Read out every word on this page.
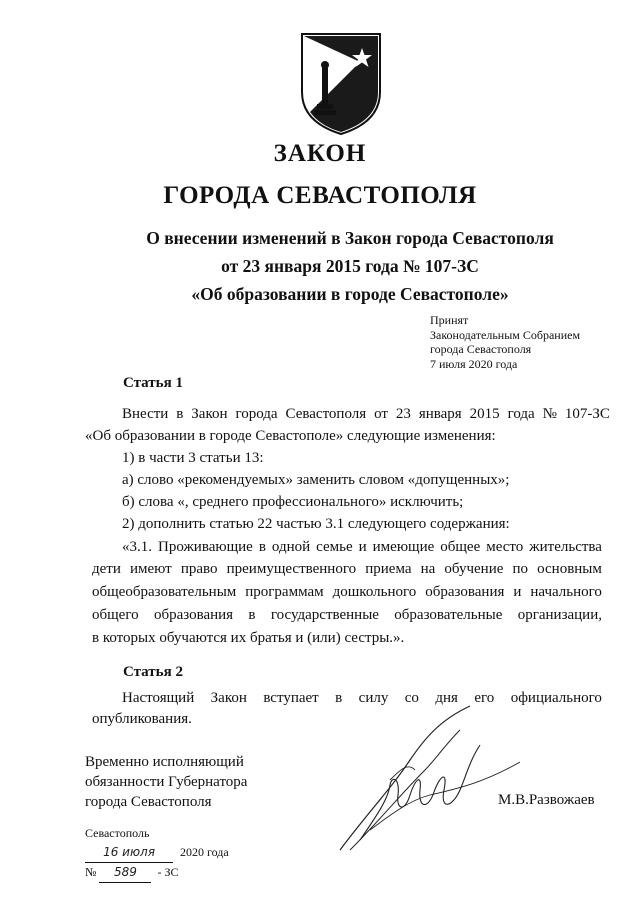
ЗАКОН
ГОРОДА СЕВАСТОПОЛЯ
О внесении изменений в Закон города Севастополя
от 23 января 2015 года № 107-ЗС
«Об образовании в городе Севастополе»
Принят
Законодательным Собранием
города Севастополя
7 июля 2020 года
Статья 1
Внести в Закон города Севастополя от 23 января 2015 года № 107-ЗС
«Об образовании в городе Севастополе» следующие изменения:
1) в части 3 статьи 13:
а) слово «рекомендуемых» заменить словом «допущенных»;
б) слова «, среднего профессионального» исключить;
2) дополнить статью 22 частью 3.1 следующего содержания:
«3.1. Проживающие в одной семье и имеющие общее место жительства
дети имеют право преимущественного приема на обучение по основным
общеобразовательным программам дошкольного образования и начального
общего образования в государственные образовательные организации,
в которых обучаются их братья и (или) сестры.».
Статья 2
Настоящий Закон вступает в силу со дня его официального
опубликования.
Временно исполняющий
обязанности Губернатора
города Севастополя	М.В.Развожаев
Севастополь
16 июля 2020 года
№ 589 - ЗС
